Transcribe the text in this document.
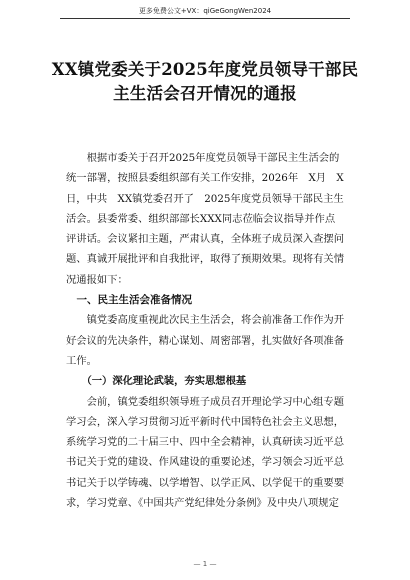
更多免费公文+VX：qiGeGongWen2024
XX镇党委关于2025年度党员领导干部民
主生活会召开情况的通报
根据市委关于召开2025年度党员领导干部民主生活会的
统一部署，按照县委组织部有关工作安排，2026年　X月　X
日，中共　XX镇党委召开了　2025年度党员领导干部民主生
活会。县委常委、组织部部长XXX同志莅临会议指导并作点
评讲话。会议紧扣主题，严肃认真，全体班子成员深入查摆问
题、真诚开展批评和自我批评，取得了预期效果。现将有关情
况通报如下：
一、民主生活会准备情况
镇党委高度重视此次民主生活会，将会前准备工作作为开
好会议的先决条件，精心谋划、周密部署，扎实做好各项准备
工作。
（一）深化理论武装，夯实思想根基
会前，镇党委组织领导班子成员召开理论学习中心组专题
学习会，深入学习贯彻习近平新时代中国特色社会主义思想，
系统学习党的二十届三中、四中全会精神，认真研读习近平总
书记关于党的建设、作风建设的重要论述，学习领会习近平总
书记关于以学铸魂、以学增智、以学正风、以学促干的重要要
求，学习党章、《中国共产党纪律处分条例》及中央八项规定
— 1 —
